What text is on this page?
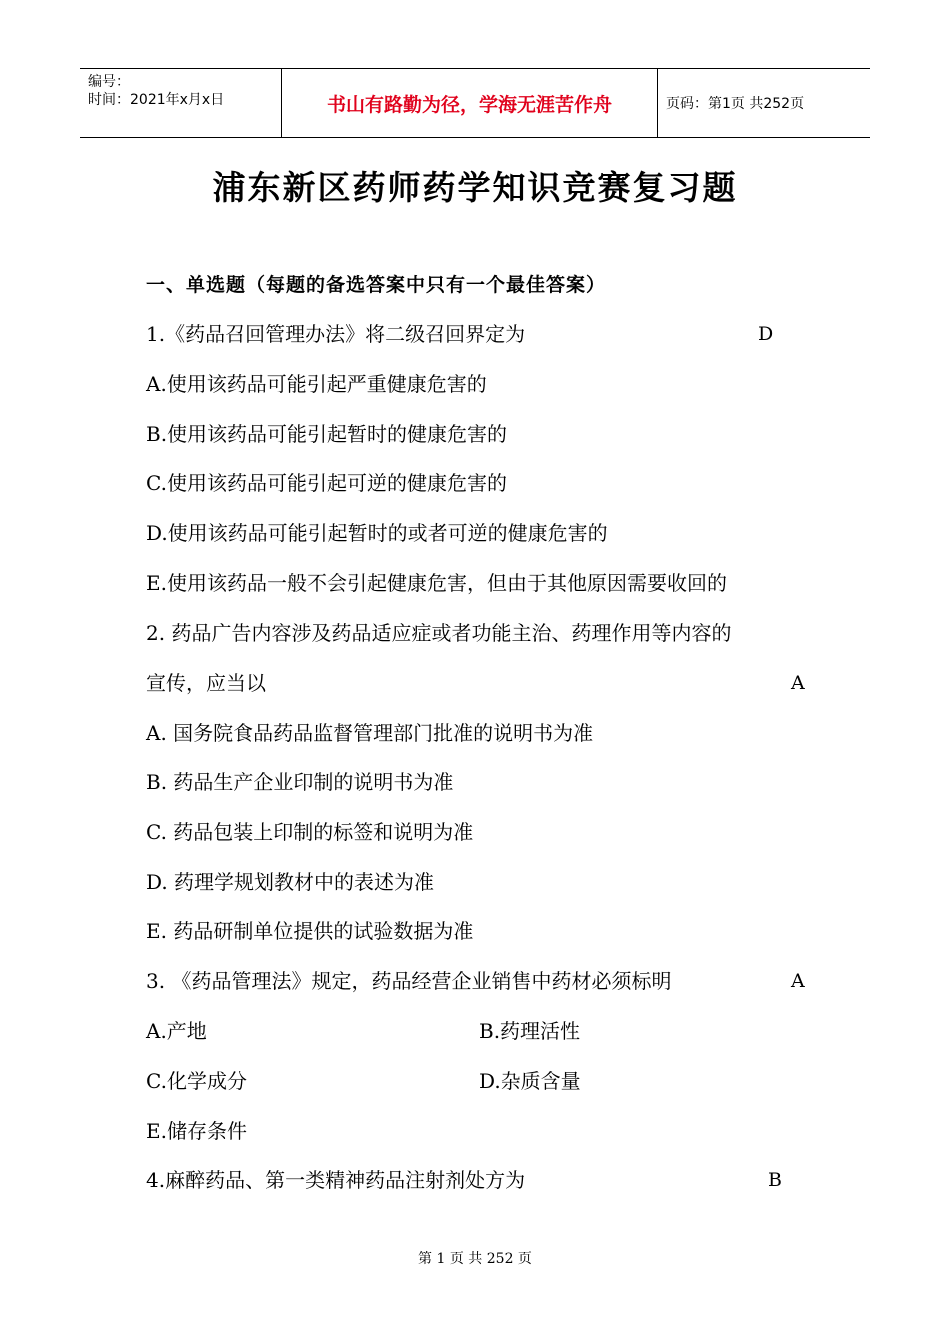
编号：
时间：2021年x月x日	书山有路勤为径，学海无涯苦作舟	页码：第1页 共252页
浦东新区药师药学知识竞赛复习题
一、单选题（每题的备选答案中只有一个最佳答案）
1.《药品召回管理办法》将二级召回界定为	D
A.使用该药品可能引起严重健康危害的
B.使用该药品可能引起暂时的健康危害的
C.使用该药品可能引起可逆的健康危害的
D.使用该药品可能引起暂时的或者可逆的健康危害的
E.使用该药品一般不会引起健康危害，但由于其他原因需要收回的
2. 药品广告内容涉及药品适应症或者功能主治、药理作用等内容的
宣传，应当以	A
A. 国务院食品药品监督管理部门批准的说明书为准
B. 药品生产企业印制的说明书为准
C. 药品包装上印制的标签和说明为准
D. 药理学规划教材中的表述为准
E. 药品研制单位提供的试验数据为准
3. 《药品管理法》规定，药品经营企业销售中药材必须标明	A
A.产地	B.药理活性
C.化学成分	D.杂质含量
E.储存条件
4.麻醉药品、第一类精神药品注射剂处方为	B
第 1 页 共 252 页
